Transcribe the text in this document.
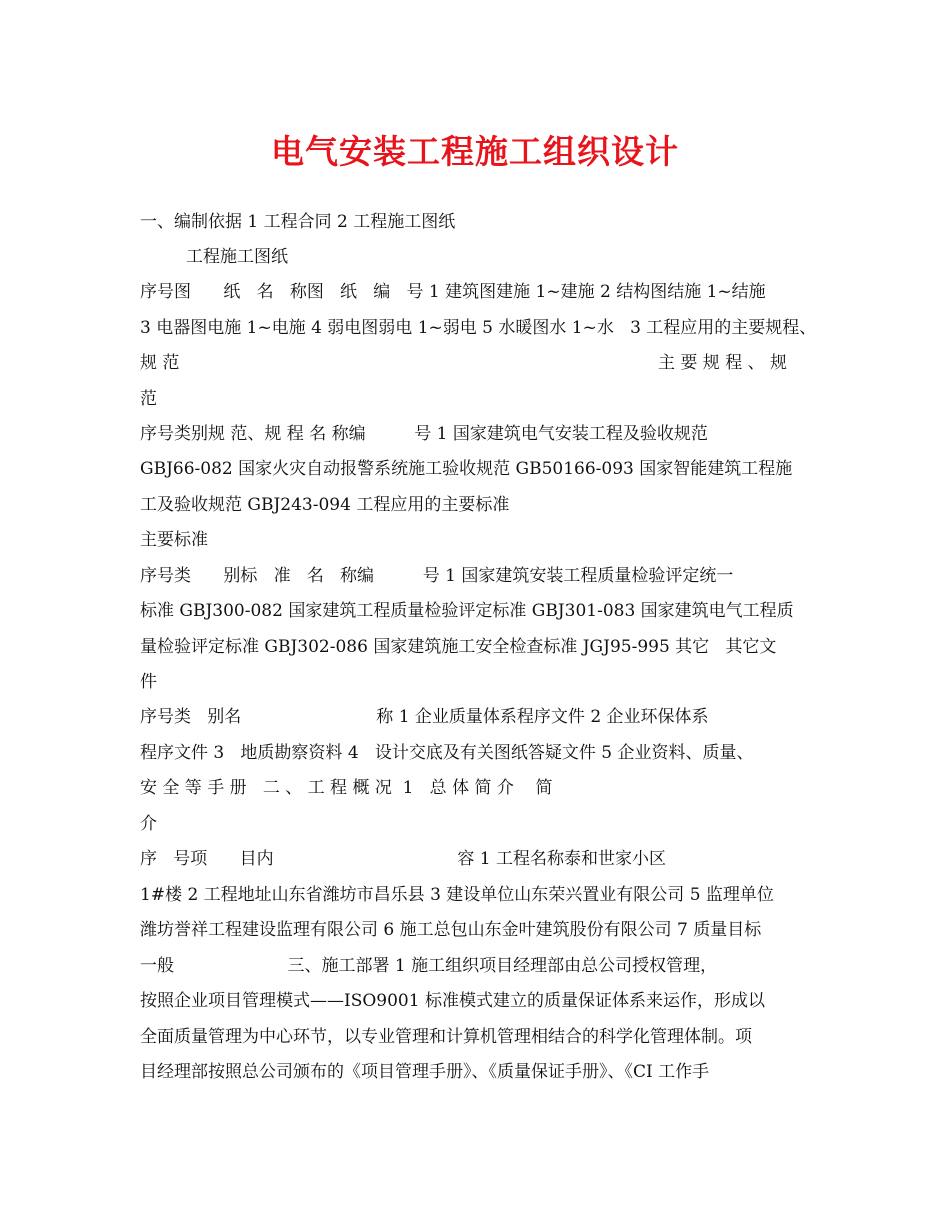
电气安装工程施工组织设计
一、编制依据 1 工程合同 2 工程施工图纸
工程施工图纸
序号图      纸   名   称图   纸   编   号 1 建筑图建施 1~建施 2 结构图结施 1~结施
3 电器图电施 1~电施 4 弱电图弱电 1~弱电 5 水暖图水 1~水   3 工程应用的主要规程、
规 范	主 要 规 程 、 规
范
序号类别规 范、规 程 名 称编         号 1 国家建筑电气安装工程及验收规范
GBJ66-082 国家火灾自动报警系统施工验收规范 GB50166-093 国家智能建筑工程施
工及验收规范 GBJ243-094 工程应用的主要标准
主要标准
序号类      别标   准   名   称编         号 1 国家建筑安装工程质量检验评定统一
标准 GBJ300-082 国家建筑工程质量检验评定标准 GBJ301-083 国家建筑电气工程质
量检验评定标准 GBJ302-086 国家建筑施工安全检查标准 JGJ95-995 其它   其它文
件
序号类   别名                         称 1 企业质量体系程序文件 2 企业环保体系
程序文件 3   地质勘察资料 4   设计交底及有关图纸答疑文件 5 企业资料、质量、
安 全 等 手 册   二 、 工 程 概 况  1   总 体 简 介    简
介
序   号项      目内                                  容 1 工程名称泰和世家小区
1#楼 2 工程地址山东省潍坊市昌乐县 3 建设单位山东荣兴置业有限公司 5 监理单位
潍坊誉祥工程建设监理有限公司 6 施工总包山东金叶建筑股份有限公司 7 质量目标
一般                     三、施工部署 1 施工组织项目经理部由总公司授权管理，
按照企业项目管理模式——ISO9001 标准模式建立的质量保证体系来运作，形成以
全面质量管理为中心环节，以专业管理和计算机管理相结合的科学化管理体制。项
目经理部按照总公司颁布的《项目管理手册》、《质量保证手册》、《CI 工作手
